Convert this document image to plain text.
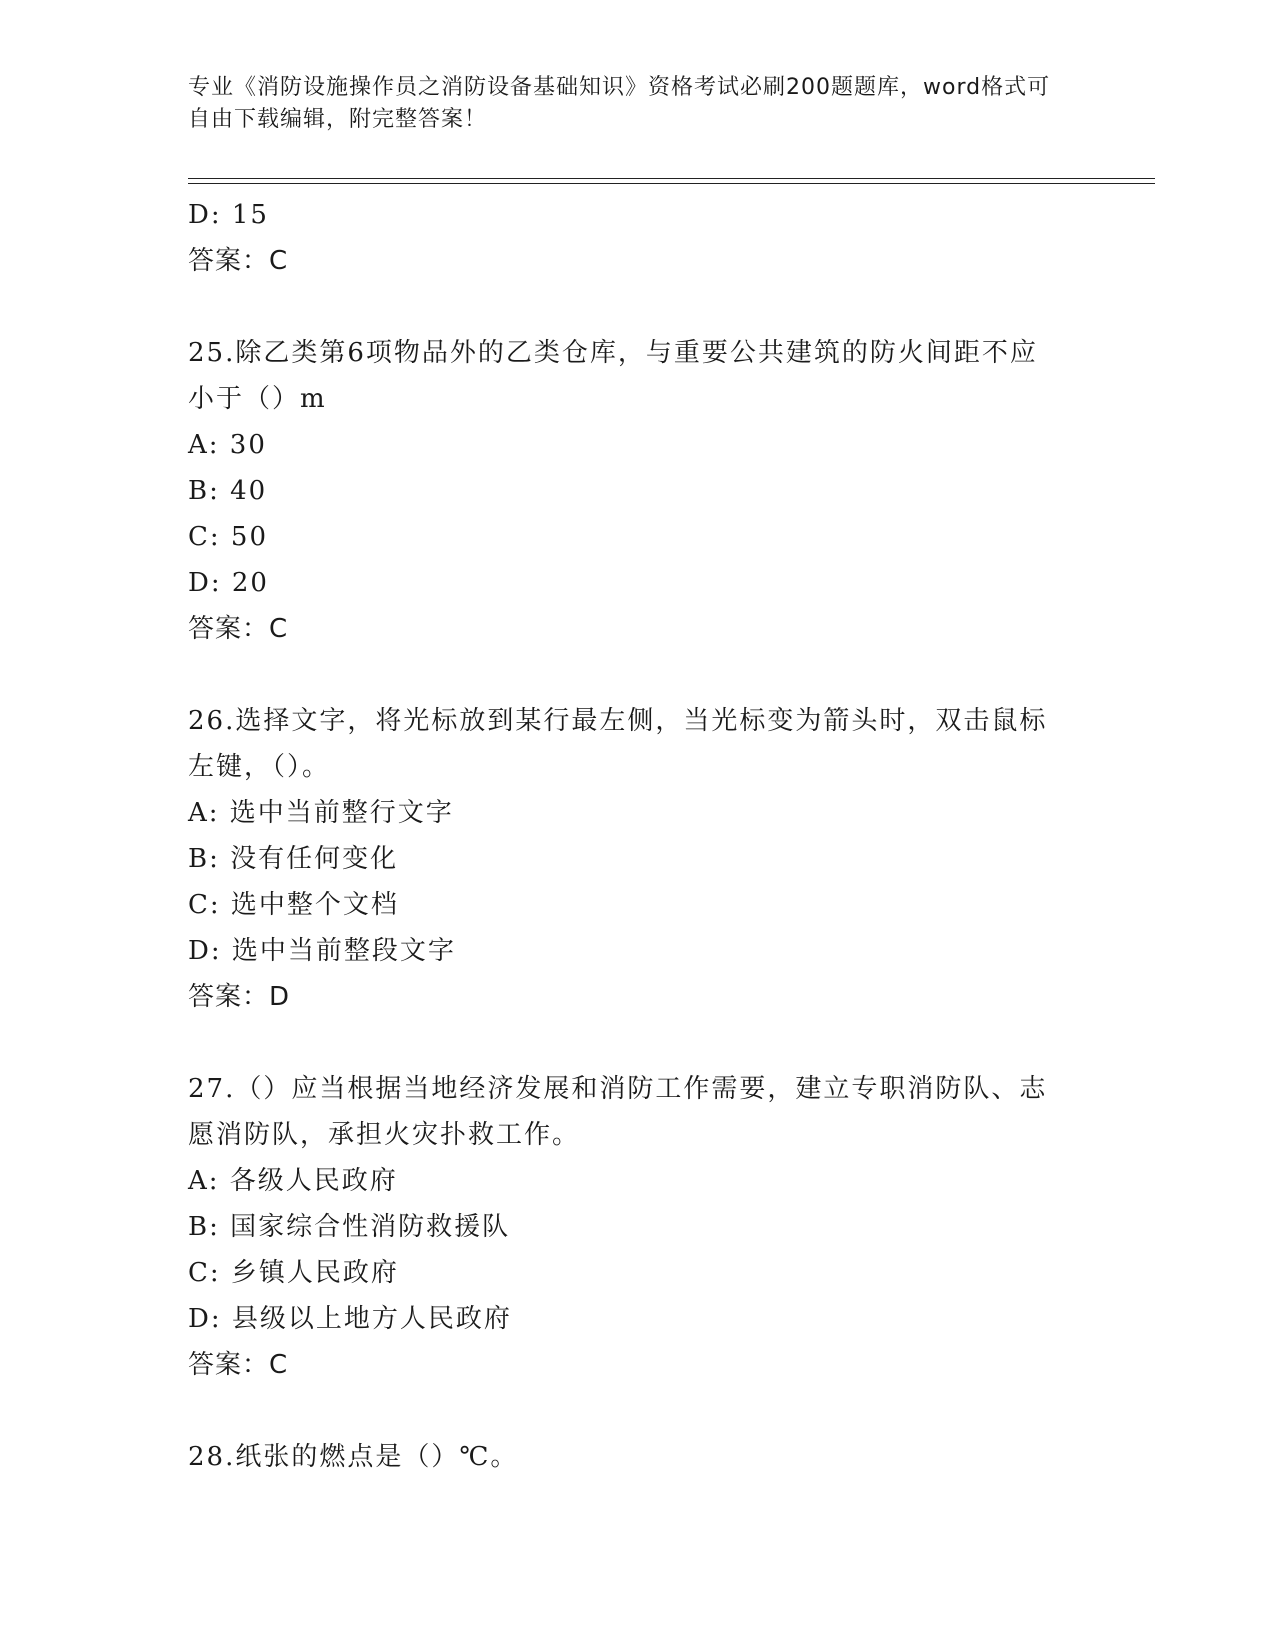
专业《消防设施操作员之消防设备基础知识》资格考试必刷200题题库，word格式可自由下载编辑，附完整答案！
D: 15
答案：C
25.除乙类第6项物品外的乙类仓库，与重要公共建筑的防火间距不应
小于（）m
A: 30
B: 40
C: 50
D: 20
答案：C
26.选择文字，将光标放到某行最左侧，当光标变为箭头时，双击鼠标
左键，（）。
A: 选中当前整行文字
B: 没有任何变化
C: 选中整个文档
D: 选中当前整段文字
答案：D
27.（）应当根据当地经济发展和消防工作需要，建立专职消防队、志
愿消防队，承担火灾扑救工作。
A: 各级人民政府
B: 国家综合性消防救援队
C: 乡镇人民政府
D: 县级以上地方人民政府
答案：C
28.纸张的燃点是（）℃。
